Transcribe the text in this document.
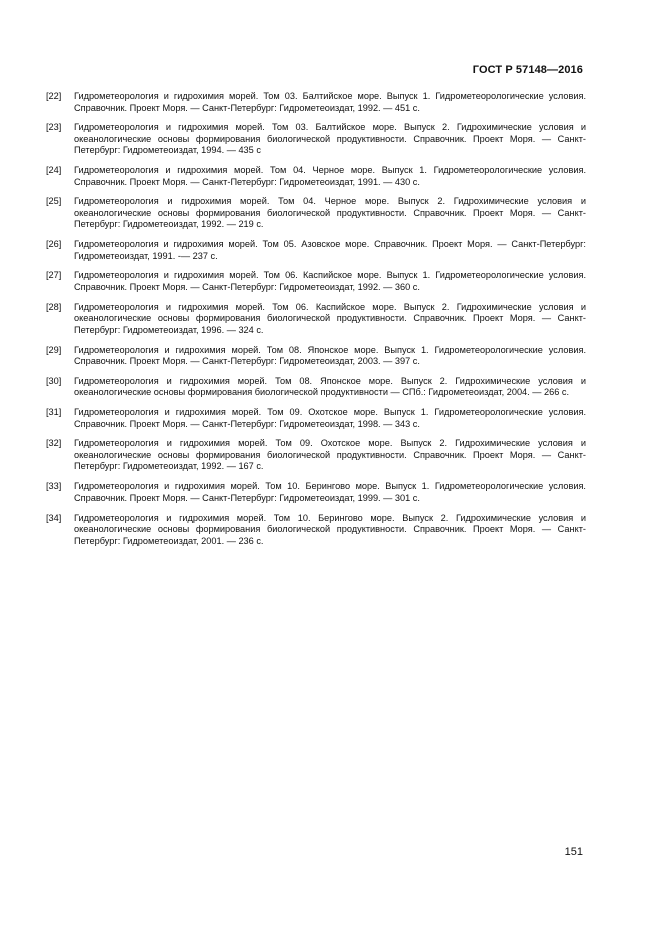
ГОСТ Р 57148—2016
[22]	Гидрометеорология и гидрохимия морей. Том 03. Балтийское море. Выпуск 1. Гидрометеорологические условия. Справочник. Проект Моря. — Санкт-Петербург: Гидрометеоиздат, 1992. — 451 с.
[23]	Гидрометеорология и гидрохимия морей. Том 03. Балтийское море. Выпуск 2. Гидрохимические условия и океанологические основы формирования биологической продуктивности. Справочник. Проект Моря. — Санкт-Петербург: Гидрометеоиздат, 1994. — 435 с
[24]	Гидрометеорология и гидрохимия морей. Том 04. Черное море. Выпуск 1. Гидрометеорологические условия. Справочник. Проект Моря. — Санкт-Петербург: Гидрометеоиздат, 1991. — 430 с.
[25]	Гидрометеорология и гидрохимия морей. Том 04. Черное море. Выпуск 2. Гидрохимические условия и океанологические основы формирования биологической продуктивности. Справочник. Проект Моря. — Санкт-Петербург: Гидрометеоиздат, 1992. — 219 с.
[26]	Гидрометеорология и гидрохимия морей. Том 05. Азовское море. Справочник. Проект Моря. — Санкт-Петербург: Гидрометеоиздат, 1991. -— 237 с.
[27]	Гидрометеорология и гидрохимия морей. Том 06. Каспийское море. Выпуск 1. Гидрометеорологические условия. Справочник. Проект Моря. — Санкт-Петербург: Гидрометеоиздат, 1992. — 360 с.
[28]	Гидрометеорология и гидрохимия морей. Том 06. Каспийское море. Выпуск 2. Гидрохимические условия и океанологические основы формирования биологической продуктивности. Справочник. Проект Моря. — Санкт-Петербург: Гидрометеоиздат, 1996. — 324 с.
[29]	Гидрометеорология и гидрохимия морей. Том 08. Японское море. Выпуск 1. Гидрометеорологические условия. Справочник. Проект Моря. — Санкт-Петербург: Гидрометеоиздат, 2003. — 397 с.
[30]	Гидрометеорология и гидрохимия морей. Том 08. Японское море. Выпуск 2. Гидрохимические условия и океанологические основы формирования биологической продуктивности — СПб.: Гидрометеоиздат, 2004. — 266 с.
[31]	Гидрометеорология и гидрохимия морей. Том 09. Охотское море. Выпуск 1. Гидрометеорологические условия. Справочник. Проект Моря. — Санкт-Петербург: Гидрометеоиздат, 1998. — 343 с.
[32]	Гидрометеорология и гидрохимия морей. Том 09. Охотское море. Выпуск 2. Гидрохимические условия и океанологические основы формирования биологической продуктивности. Справочник. Проект Моря. — Санкт-Петербург: Гидрометеоиздат, 1992. — 167 с.
[33]	Гидрометеорология и гидрохимия морей. Том 10. Берингово море. Выпуск 1. Гидрометеорологические условия. Справочник. Проект Моря. — Санкт-Петербург: Гидрометеоиздат, 1999. — 301 с.
[34]	Гидрометеорология и гидрохимия морей. Том 10. Берингово море. Выпуск 2. Гидрохимические условия и океанологические основы формирования биологической продуктивности. Справочник. Проект Моря. — Санкт-Петербург: Гидрометеоиздат, 2001. — 236 с.
151
